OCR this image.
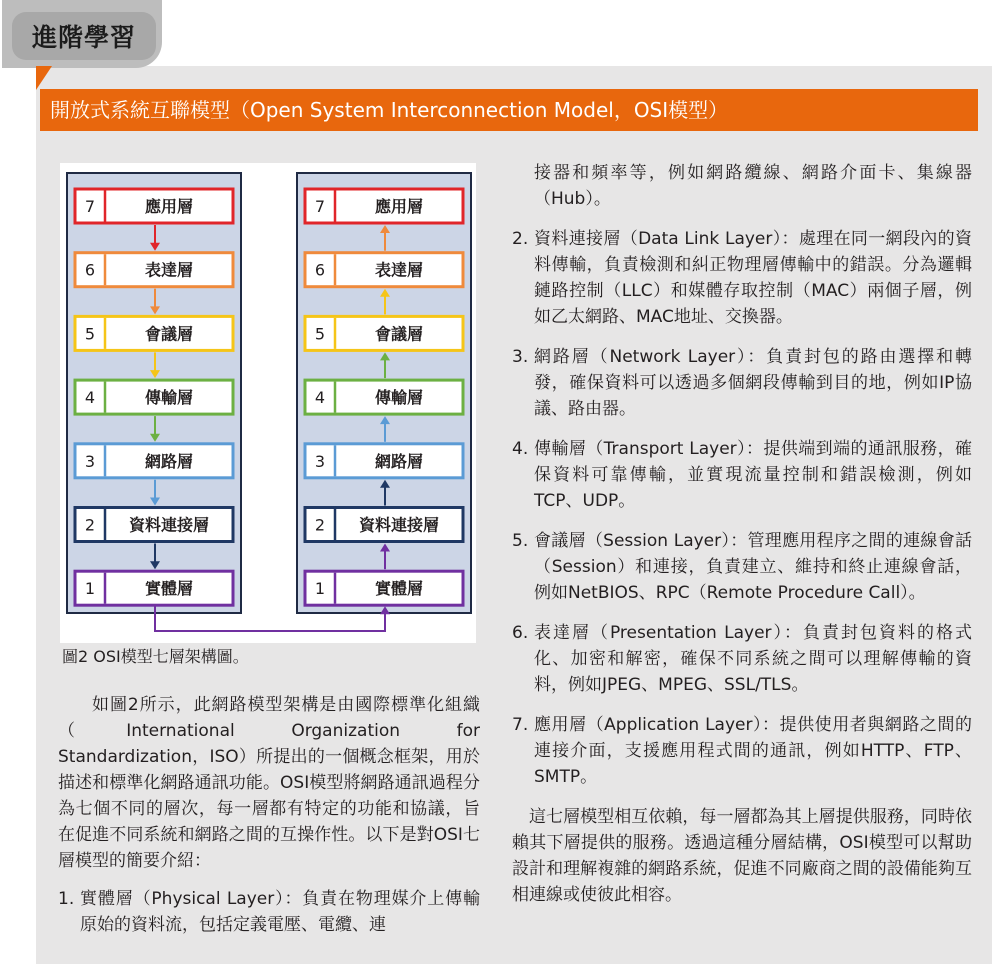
進階學習
開放式系統互聯模型（Open System Interconnection Model，OSI模型）
7	應用層
6	表達層
5	會議層
4	傳輸層
3	網路層
2 資料連接層
1	實體層
7	應用層
6	表達層
5	會議層
4	傳輸層
3	網路層
2 資料連接層
1	實體層
圖2 OSI模型七層架構圖。

如圖2所示，此網路模型架構是由國際標準化組織（International Organization for Standardization，ISO）所提出的一個概念框架，用於描述和標準化網路通訊功能。OSI模型將網路通訊過程分為七個不同的層次，每一層都有特定的功能和協議，旨在促進不同系統和網路之間的互操作性。以下是對OSI七層模型的簡要介紹：

1. 實體層（Physical Layer）：負責在物理媒介上傳輸原始的資料流，包括定義電壓、電纜、連
接器和頻率等，例如網路纜線、網路介面卡、集線器（Hub）。
2. 資料連接層（Data Link Layer）：處理在同一網段內的資料傳輸，負責檢測和糾正物理層傳輸中的錯誤。分為邏輯鏈路控制（LLC）和媒體存取控制（MAC）兩個子層，例如乙太網路、MAC地址、交換器。
3. 網路層（Network Layer）：負責封包的路由選擇和轉發，確保資料可以透過多個網段傳輸到目的地，例如IP協議、路由器。
4. 傳輸層（Transport Layer）：提供端到端的通訊服務，確保資料可靠傳輸，並實現流量控制和錯誤檢測，例如TCP、UDP。
5. 會議層（Session Layer）：管理應用程序之間的連線會話（Session）和連接，負責建立、維持和終止連線會話，例如NetBIOS、RPC（Remote Procedure Call）。
6. 表達層（Presentation Layer）：負責封包資料的格式化、加密和解密，確保不同系統之間可以理解傳輸的資料，例如JPEG、MPEG、SSL/TLS。
7. 應用層（Application Layer）：提供使用者與網路之間的連接介面，支援應用程式間的通訊，例如HTTP、FTP、SMTP。

這七層模型相互依賴，每一層都為其上層提供服務，同時依賴其下層提供的服務。透過這種分層結構，OSI模型可以幫助設計和理解複雜的網路系統，促進不同廠商之間的設備能夠互相連線或使彼此相容。
